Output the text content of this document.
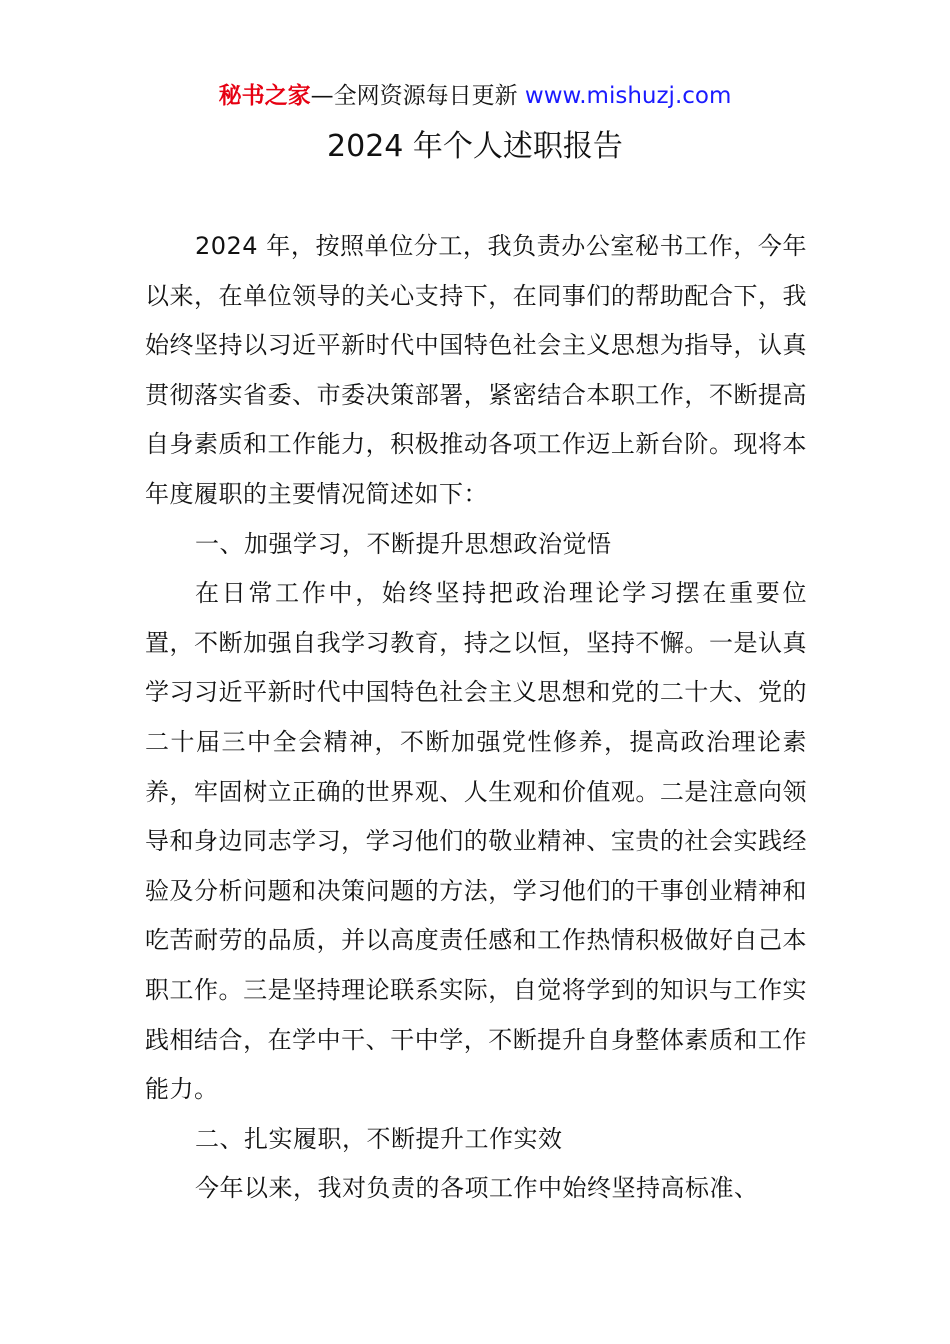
秘书之家—全网资源每日更新 www.mishuzj.com
2024 年个人述职报告

2024 年，按照单位分工，我负责办公室秘书工作，今年以来，在单位领导的关心支持下，在同事们的帮助配合下，我始终坚持以习近平新时代中国特色社会主义思想为指导，认真贯彻落实省委、市委决策部署，紧密结合本职工作，不断提高自身素质和工作能力，积极推动各项工作迈上新台阶。现将本年度履职的主要情况简述如下：

一、加强学习，不断提升思想政治觉悟

在日常工作中，始终坚持把政治理论学习摆在重要位置，不断加强自我学习教育，持之以恒，坚持不懈。一是认真学习习近平新时代中国特色社会主义思想和党的二十大、党的二十届三中全会精神，不断加强党性修养，提高政治理论素养，牢固树立正确的世界观、人生观和价值观。二是注意向领导和身边同志学习，学习他们的敬业精神、宝贵的社会实践经验及分析问题和决策问题的方法，学习他们的干事创业精神和吃苦耐劳的品质，并以高度责任感和工作热情积极做好自己本职工作。三是坚持理论联系实际，自觉将学到的知识与工作实践相结合，在学中干、干中学，不断提升自身整体素质和工作能力。

二、扎实履职，不断提升工作实效

今年以来，我对负责的各项工作中始终坚持高标准、
